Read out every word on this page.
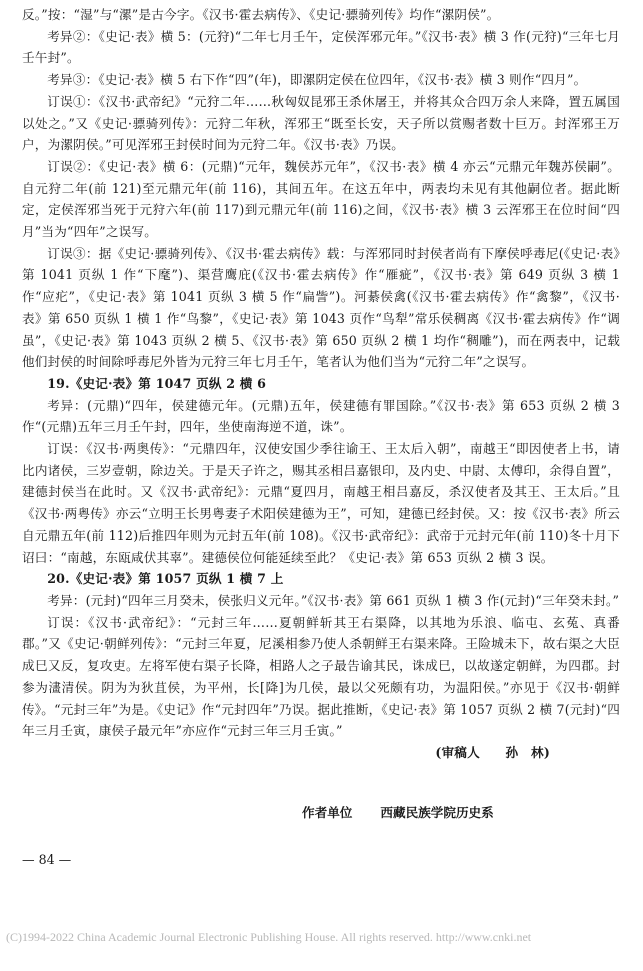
反。”按：“湿”与“漯”是古今字。《汉书·霍去病传》、《史记·骠骑列传》均作“漯阴侯”。

考异②：《史记·表》横 5：(元狩)“二年七月壬午，定侯浑邪元年。”《汉书·表》横 3 作(元狩)“三年七月壬午封”。

考异③：《史记·表》横 5 右下作“四”(年)，即漯阴定侯在位四年，《汉书·表》横 3 则作“四月”。

订误①：《汉书·武帝纪》“元狩二年……秋匈奴昆邪王杀休屠王，并将其众合四万余人来降，置五属国以处之。”又《史记·骠骑列传》：元狩二年秋，浑邪王“既至长安，天子所以赏赐者数十巨万。封浑邪王万户，为漯阴侯。”可见浑邪王封侯时间为元狩二年。《汉书·表》乃误。

订误②：《史记·表》横 6：(元鼎)“元年，魏侯苏元年”，《汉书·表》横 4 亦云“元鼎元年魏苏侯嗣”。自元狩二年(前 121)至元鼎元年(前 116)，其间五年。在这五年中，两表均未见有其他嗣位者。据此断定，定侯浑邪当死于元狩六年(前 117)到元鼎元年(前 116)之间，《汉书·表》横 3 云浑邪王在位时间“四月”当为“四年”之误写。

订误③：据《史记·骠骑列传》、《汉书·霍去病传》载：与浑邪同时封侯者尚有下摩侯呼毒尼(《史记·表》第 1041 页纵 1 作“下麾”)、渠营鹰庇(《汉书·霍去病传》作“雁疵”，《汉书·表》第 649 页纵 3 横 1 作“应疕”，《史记·表》第 1041 页纵 3 横 5 作“扁訾”)。河綦侯禽(《汉书·霍去病传》作“禽黎”，《汉书·表》第 650 页纵 1 横 1 作“鸟黎”，《史记·表》第 1043 页作“鸟犁”常乐侯稠离《汉书·霍去病传》作“调虽”，《史记·表》第 1043 页纵 2 横 5、《汉书·表》第 650 页纵 2 横 1 均作“稠雕”)，而在两表中，记载他们封侯的时间除呼毒尼外皆为元狩三年七月壬午，笔者认为他们当为“元狩二年”之误写。

19.《史记·表》第 1047 页纵 2 横 6

考异：(元鼎)“四年，侯建德元年。(元鼎)五年，侯建德有罪国除。”《汉书·表》第 653 页纵 2 横 3 作“(元鼎)五年三月壬午封，四年，坐使南海逆不道，诛”。

订误：《汉书·两奥传》：“元鼎四年，汉使安国少季往谕王、王太后入朝”，南越王“即因使者上书，请比内诸侯，三岁壹朝，除边关。于是天子许之，赐其丞相吕嘉银印，及内史、中尉、太傅印，余得自置”，建德封侯当在此时。又《汉书·武帝纪》：元鼎“夏四月，南越王相吕嘉反，杀汉使者及其王、王太后。”且《汉书·两粤传》亦云“立明王长男粤妻子术阳侯建德为王”，可知，建德已经封侯。又：按《汉书·表》所云自元鼎五年(前 112)后推四年则为元封五年(前 108)。《汉书·武帝纪》：武帝于元封元年(前 110)冬十月下诏曰：“南越，东瓯咸伏其辜”。建德侯位何能延续至此？《史记·表》第 653 页纵 2 横 3 误。

20.《史记·表》第 1057 页纵 1 横 7 上

考异：(元封)“四年三月癸未，侯张归义元年。”《汉书·表》第 661 页纵 1 横 3 作(元封)“三年癸未封。”

订误：《汉书·武帝纪》：“元封三年……夏朝鲜斩其王右渠降，以其地为乐浪、临屯、玄菟、真番郡。”又《史记·朝鲜列传》：“元封三年夏，尼溪相参乃使人杀朝鲜王右渠来降。王险城未下，故右渠之大臣成巳又反，复攻吏。左将军使右渠子长降，相路人之子最告谕其民，诛成巳，以故遂定朝鲜，为四郡。封参为澅清侯。阴为为狄苴侯，为平州，长[降]为几侯，最以父死颇有功，为温阳侯。”亦见于《汉书·朝鲜传》。“元封三年”为是。《史记》作“元封四年”乃误。据此推断，《史记·表》第 1057 页纵 2 横 7(元封)“四年三月壬寅，康侯子最元年”亦应作“元封三年三月壬寅。”

(审稿人　　孙　林)

作者单位 西藏民族学院历史系
— 84 —
(C)1994-2022 China Academic Journal Electronic Publishing House. All rights reserved. http://www.cnki.net
